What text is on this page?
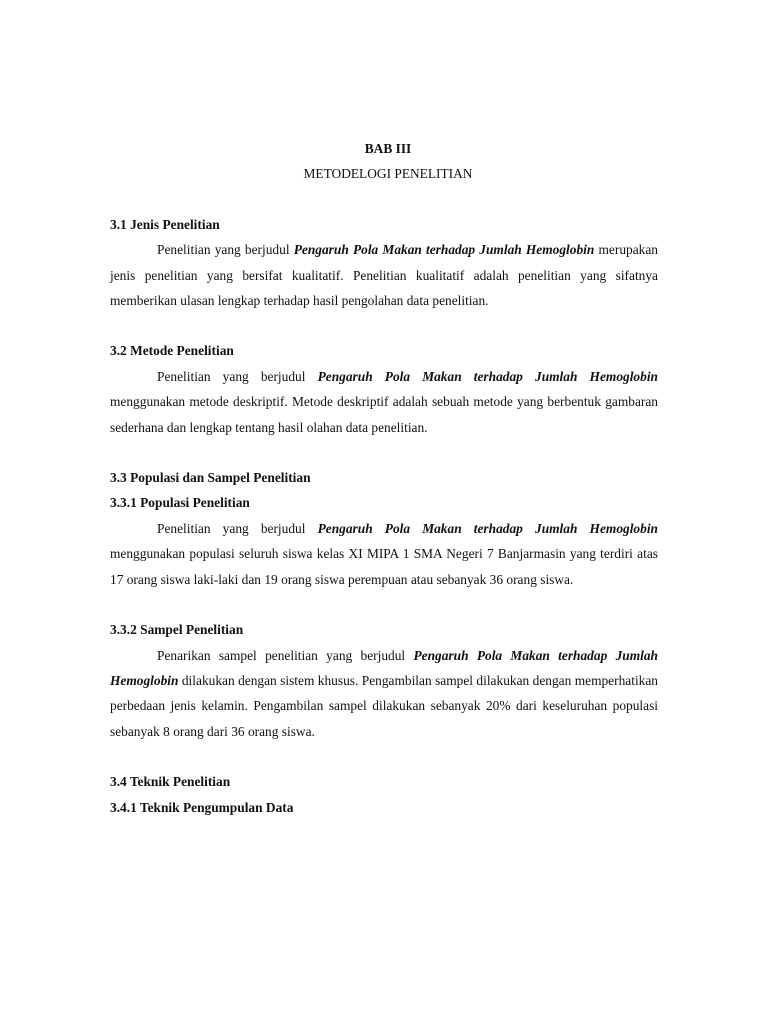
BAB III

METODELOGI PENELITIAN

3.1 Jenis Penelitian

Penelitian yang berjudul Pengaruh Pola Makan terhadap Jumlah Hemoglobin merupakan jenis penelitian yang bersifat kualitatif. Penelitian kualitatif adalah penelitian yang sifatnya memberikan ulasan lengkap terhadap hasil pengolahan data penelitian.

3.2 Metode Penelitian

Penelitian yang berjudul Pengaruh Pola Makan terhadap Jumlah Hemoglobin menggunakan metode deskriptif. Metode deskriptif adalah sebuah metode yang berbentuk gambaran sederhana dan lengkap tentang hasil olahan data penelitian.

3.3 Populasi dan Sampel Penelitian

3.3.1 Populasi Penelitian

Penelitian yang berjudul Pengaruh Pola Makan terhadap Jumlah Hemoglobin menggunakan populasi seluruh siswa kelas XI MIPA 1 SMA Negeri 7 Banjarmasin yang terdiri atas 17 orang siswa laki-laki dan 19 orang siswa perempuan atau sebanyak 36 orang siswa.

3.3.2 Sampel Penelitian

Penarikan sampel penelitian yang berjudul Pengaruh Pola Makan terhadap Jumlah Hemoglobin dilakukan dengan sistem khusus. Pengambilan sampel dilakukan dengan memperhatikan perbedaan jenis kelamin. Pengambilan sampel dilakukan sebanyak 20% dari keseluruhan populasi sebanyak 8 orang dari 36 orang siswa.

3.4 Teknik Penelitian

3.4.1 Teknik Pengumpulan Data
